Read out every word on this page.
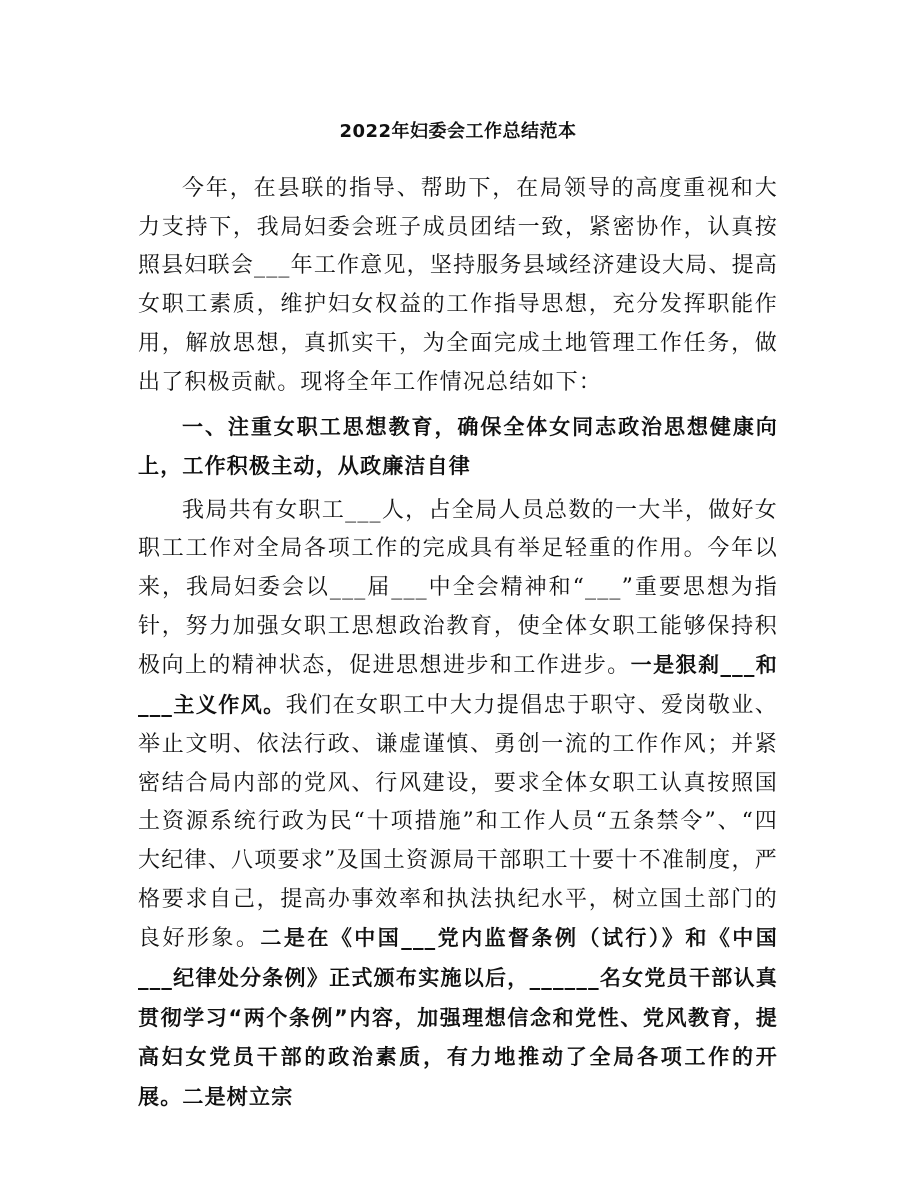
2022年妇委会工作总结范本

今年，在县联的指导、帮助下，在局领导的高度重视和大力支持下，我局妇委会班子成员团结一致，紧密协作，认真按照县妇联会___年工作意见，坚持服务县域经济建设大局、提高女职工素质，维护妇女权益的工作指导思想，充分发挥职能作用，解放思想，真抓实干，为全面完成土地管理工作任务，做出了积极贡献。现将全年工作情况总结如下：

一、注重女职工思想教育，确保全体女同志政治思想健康向上，工作积极主动，从政廉洁自律

我局共有女职工___人，占全局人员总数的一大半，做好女职工工作对全局各项工作的完成具有举足轻重的作用。今年以来，我局妇委会以___届___中全会精神和“___”重要思想为指针，努力加强女职工思想政治教育，使全体女职工能够保持积极向上的精神状态，促进思想进步和工作进步。一是狠刹___和___主义作风。我们在女职工中大力提倡忠于职守、爱岗敬业、举止文明、依法行政、谦虚谨慎、勇创一流的工作作风；并紧密结合局内部的党风、行风建设，要求全体女职工认真按照国土资源系统行政为民“十项措施”和工作人员“五条禁令”、“四大纪律、八项要求”及国土资源局干部职工十要十不准制度，严格要求自己，提高办事效率和执法执纪水平，树立国土部门的良好形象。二是在《中国___党内监督条例（试行）》和《中国___纪律处分条例》正式颁布实施以后，______名女党员干部认真贯彻学习“两个条例”内容，加强理想信念和党性、党风教育，提高妇女党员干部的政治素质，有力地推动了全局各项工作的开展。二是树立宗
